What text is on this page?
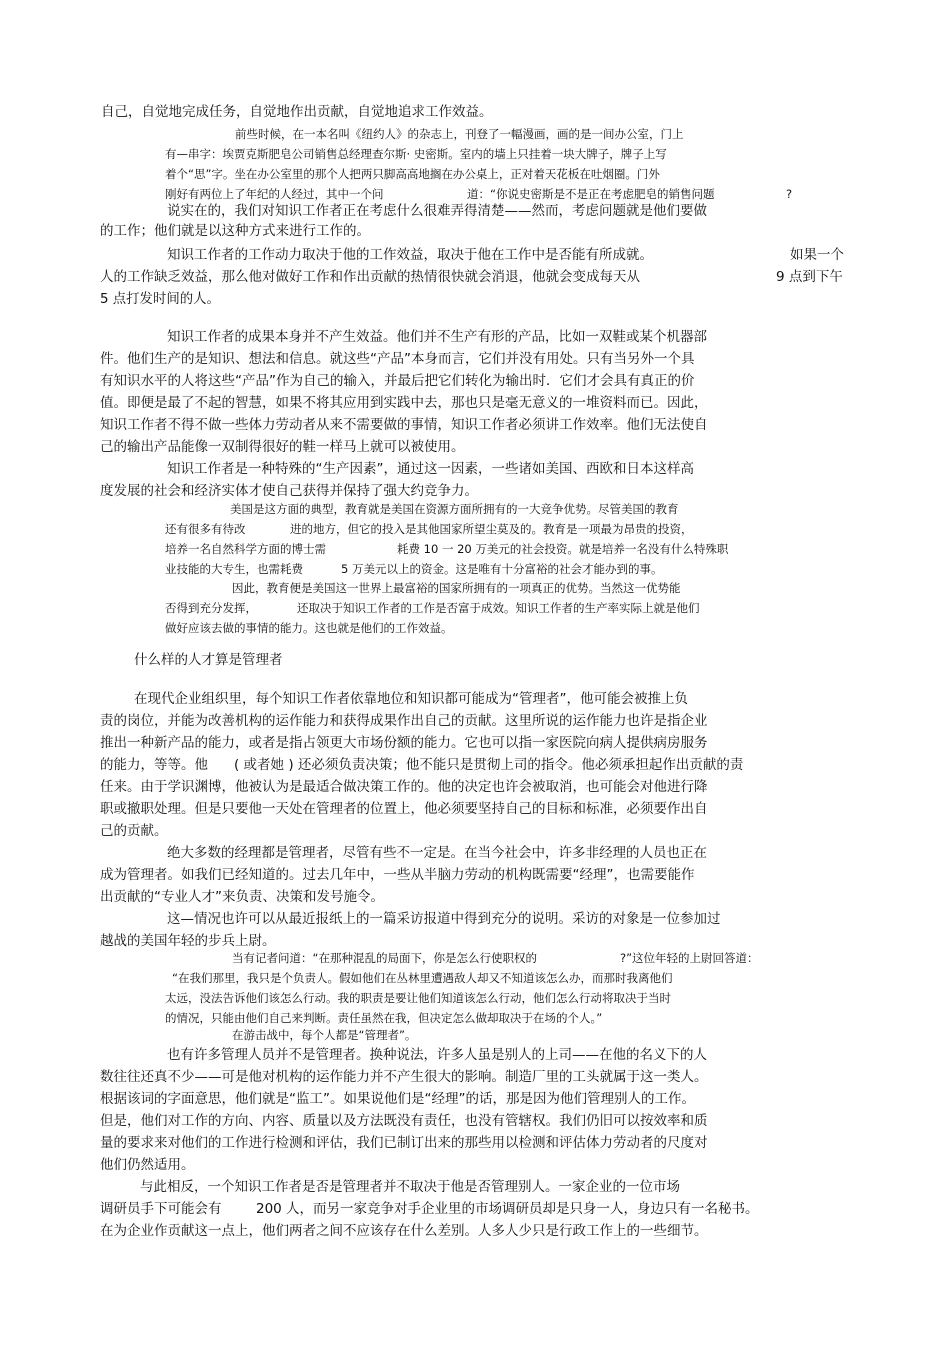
自己，自觉地完成任务，自觉地作出贡献，自觉地追求工作效益。
前些时候，在一本名叫《纽约人》的杂志上，刊登了一幅漫画，画的是一间办公室，门上
有—串字：埃贾克斯肥皂公司销售总经理查尔斯· 史密斯。室内的墙上只挂着一块大牌子，牌子上写
着个“思”字。坐在办公室里的那个人把两只脚高高地搁在办公桌上，正对着天花板在吐烟圈。门外
刚好有两位上了年纪的人经过，其中一个问	道：“你说史密斯是不是正在考虑肥皂的销售问题	?
说实在的，我们对知识工作者正在考虑什么很难弄得清楚——然而，考虑问题就是他们要做
的工作；他们就是以这种方式来进行工作的。
知识工作者的工作动力取决于他的工作效益，取决于他在工作中是否能有所成就。	如果一个
人的工作缺乏效益，那么他对做好工作和作出贡献的热情很快就会消退，他就会变成每天从	9 点到下午
5 点打发时间的人。
知识工作者的成果本身并不产生效益。他们并不生产有形的产品，比如一双鞋或某个机器部
件。他们生产的是知识、想法和信息。就这些“产品”本身而言，它们并没有用处。只有当另外一个具
有知识水平的人将这些“产品”作为自己的输入，并最后把它们转化为输出时．它们才会具有真正的价
值。即便是最了不起的智慧，如果不将其应用到实践中去，那也只是毫无意义的一堆资料而已。因此，
知识工作者不得不做一些体力劳动者从来不需要做的事情，知识工作者必须讲工作效率。他们无法使自
己的输出产品能像一双制得很好的鞋一样马上就可以被使用。
知识工作者是一种特殊的“生产因素”，通过这一因素，一些诸如美国、西欧和日本这样高
度发展的社会和经济实体才使自己获得并保持了强大约竞争力。
美国是这方面的典型，教育就是美国在资源方面所拥有的一大竞争优势。尽管美国的教育
还有很多有待改	进的地方，但它的投入是其他国家所望尘莫及的。教育是一项最为昂贵的投资，
培养一名自然科学方面的博士需	耗费 10 一 20 万美元的社会投资。就是培养一名没有什么特殊职
业技能的大专生，也需耗费	5 万美元以上的资金。这是唯有十分富裕的社会才能办到的事。
因此，教育便是美国这一世界上最富裕的国家所拥有的一项真正的优势。当然这一优势能
否得到充分发挥，	还取决于知识工作者的工作是否富于成效。知识工作者的生产率实际上就是他们
做好应该去做的事情的能力。这也就是他们的工作效益。
什么样的人才算是管理者
在现代企业组织里，每个知识工作者依靠地位和知识都可能成为“管理者”，他可能会被推上负
责的岗位，并能为改善机构的运作能力和获得成果作出自己的贡献。这里所说的运作能力也许是指企业
推出一种新产品的能力，或者是指占领更大市场份额的能力。它也可以指一家医院向病人提供病房服务
的能力，等等。他 ( 或者她 ) 还必须负责决策；他不能只是贯彻上司的指令。他必须承担起作出贡献的责
任来。由于学识渊博，他被认为是最适合做决策工作的。他的决定也许会被取消，也可能会对他进行降
职或撤职处理。但是只要他一天处在管理者的位置上，他必须要坚持自己的目标和标准，必须要作出自
己的贡献。
绝大多数的经理都是管理者，尽管有些不一定是。在当今社会中，许多非经理的人员也正在
成为管理者。如我们已经知道的。过去几年中，一些从半脑力劳动的机构既需要“经理”，也需要能作
出贡献的“专业人才”来负责、决策和发号施令。
这—情况也许可以从最近报纸上的一篇采访报道中得到充分的说明。采访的对象是一位参加过
越战的美国年轻的步兵上尉。
当有记者问道：“在那种混乱的局面下，你是怎么行使职权的	?”这位年轻的上尉回答道：
“在我们那里，我只是个负责人。假如他们在丛林里遭遇敌人却又不知道该怎么办，而那时我离他们
太远，没法告诉他们该怎么行动。我的职责是要让他们知道该怎么行动，他们怎么行动将取决于当时
的情况，只能由他们自己来判断。责任虽然在我，但决定怎么做却取决于在场的个人。”
在游击战中，每个人都是“管理者”。
也有许多管理人员并不是管理者。换种说法，许多人虽是别人的上司——在他的名义下的人
数往往还真不少——可是他对机构的运作能力并不产生很大的影响。制造厂里的工头就属于这一类人。
根据该词的字面意思，他们就是“监工”。如果说他们是“经理”的话，那是因为他们管理别人的工作。
但是，他们对工作的方向、内容、质量以及方法既没有责任，也没有管辖权。我们仍旧可以按效率和质
量的要求来对他们的工作进行检测和评估，我们已制订出来的那些用以检测和评估体力劳动者的尺度对
他们仍然适用。
与此相反，一个知识工作者是否是管理者并不取决于他是否管理别人。一家企业的一位市场
调研员手下可能会有	200 人，而另一家竞争对手企业里的市场调研员却是只身一人，身边只有一名秘书。
在为企业作贡献这一点上，他们两者之间不应该存在什么差别。人多人少只是行政工作上的一些细节。
